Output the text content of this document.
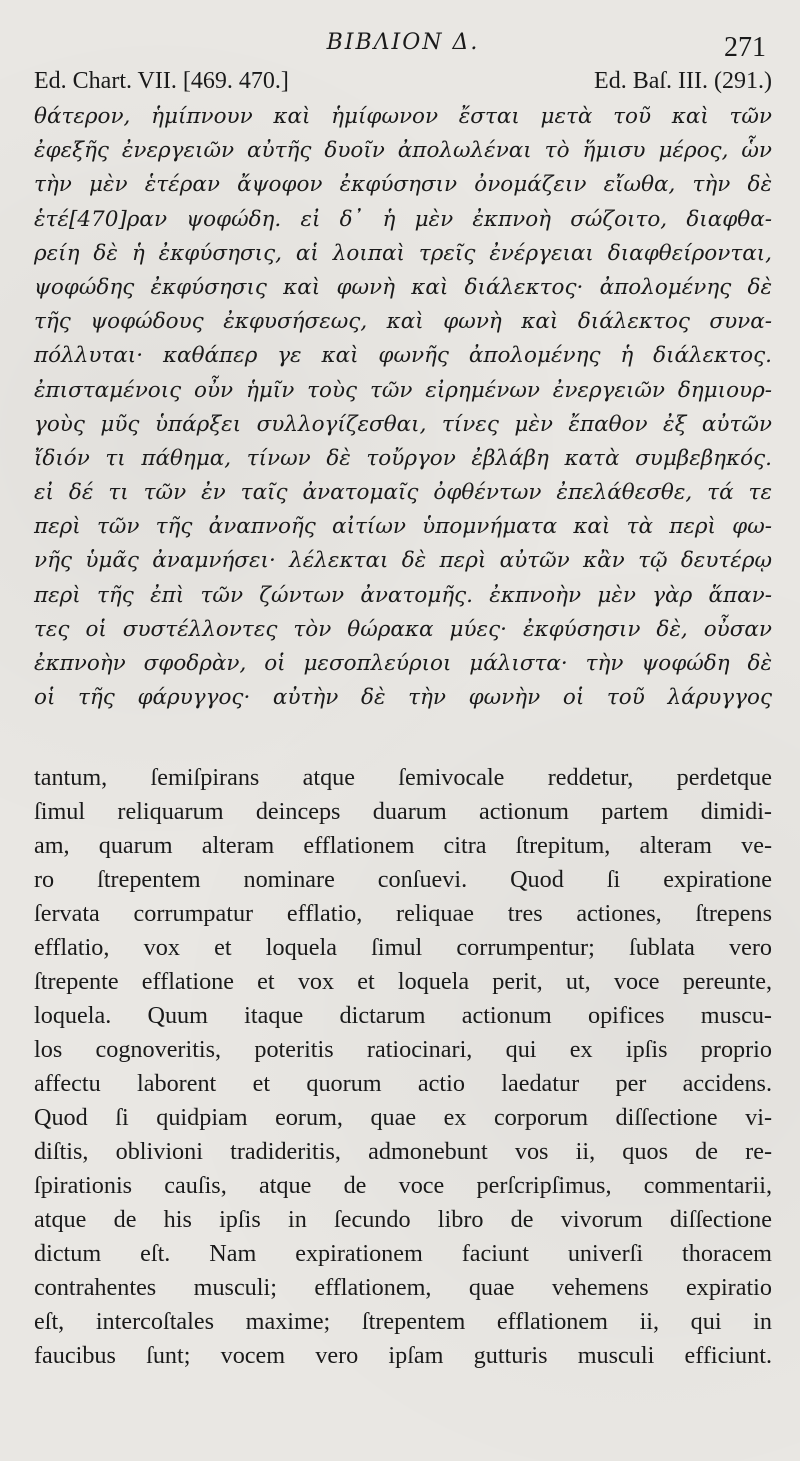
ΒΙΒΛΙΟΝ Δ.	271
Ed. Chart. VII. [469. 470.]	Ed. Baſ. III. (291.)
θάτερον, ἡμίπνουν καὶ ἡμίφωνον ἔσται μετὰ τοῦ καὶ τῶν
ἐφεξῆς ἐνεργειῶν αὐτῆς δυοῖν ἀπολωλέναι τὸ ἥμισυ μέρος, ὧν
τὴν μὲν ἑτέραν ἄψοφον ἐκφύσησιν ὀνομάζειν εἴωθα, τὴν δὲ
ἑτέ[470]ραν ψοφώδη. εἰ δ᾽ ἡ μὲν ἐκπνοὴ σώζοιτο, διαφθα-
ρείη δὲ ἡ ἐκφύσησις, αἱ λοιπαὶ τρεῖς ἐνέργειαι διαφθείρονται,
ψοφώδης ἐκφύσησις καὶ φωνὴ καὶ διάλεκτος· ἀπολομένης δὲ
τῆς ψοφώδους ἐκφυσήσεως, καὶ φωνὴ καὶ διάλεκτος συνα-
πόλλυται· καθάπερ γε καὶ φωνῆς ἀπολομένης ἡ διάλεκτος.
ἐπισταμένοις οὖν ἡμῖν τοὺς τῶν εἰρημένων ἐνεργειῶν δημιουρ-
γοὺς μῦς ὑπάρξει συλλογίζεσθαι, τίνες μὲν ἔπαθον ἐξ αὐτῶν
ἴδιόν τι πάθημα, τίνων δὲ τοὔργον ἐβλάβη κατὰ συμβεβηκός.
εἰ δέ τι τῶν ἐν ταῖς ἀνατομαῖς ὀφθέντων ἐπελάθεσθε, τά τε
περὶ τῶν τῆς ἀναπνοῆς αἰτίων ὑπομνήματα καὶ τὰ περὶ φω-
νῆς ὑμᾶς ἀναμνήσει· λέλεκται δὲ περὶ αὐτῶν κἂν τῷ δευτέρῳ
περὶ τῆς ἐπὶ τῶν ζώντων ἀνατομῆς. ἐκπνοὴν μὲν γὰρ ἅπαν-
τες οἱ συστέλλοντες τὸν θώρακα μύες· ἐκφύσησιν δὲ, οὖσαν
ἐκπνοὴν σφοδρὰν, οἱ μεσοπλεύριοι μάλιστα· τὴν ψοφώδη δὲ
οἱ τῆς φάρυγγος· αὐτὴν δὲ τὴν φωνὴν οἱ τοῦ λάρυγγος
tantum, ſemiſpirans atque ſemivocale reddetur, perdetque
ſimul reliquarum deinceps duarum actionum partem dimidi-
am, quarum alteram efflationem citra ſtrepitum, alteram ve-
ro ſtrepentem nominare conſuevi. Quod ſi expiratione
ſervata corrumpatur efflatio, reliquae tres actiones, ſtrepens
efflatio, vox et loquela ſimul corrumpentur; ſublata vero
ſtrepente efflatione et vox et loquela perit, ut, voce pereunte,
loquela. Quum itaque dictarum actionum opifices muscu-
los cognoveritis, poteritis ratiocinari, qui ex ipſis proprio
affectu laborent et quorum actio laedatur per accidens.
Quod ſi quidpiam eorum, quae ex corporum diſſectione vi-
diſtis, oblivioni tradideritis, admonebunt vos ii, quos de re-
ſpirationis cauſis, atque de voce perſcripſimus, commentarii,
atque de his ipſis in ſecundo libro de vivorum diſſectione
dictum eſt. Nam expirationem faciunt univerſi thoracem
contrahentes musculi; efflationem, quae vehemens expiratio
eſt, intercoſtales maxime; ſtrepentem efflationem ii, qui in
faucibus ſunt; vocem vero ipſam gutturis musculi efficiunt.
